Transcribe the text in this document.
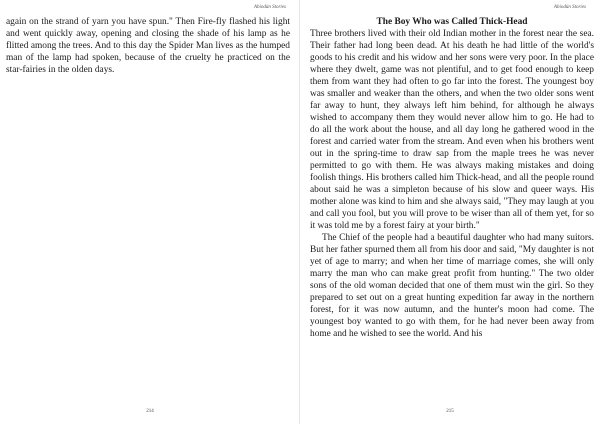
Abiodún Stories

again on the strand of yarn you have spun." Then Fire-fly flashed his light and went quickly away, opening and closing the shade of his lamp as he flitted among the trees. And to this day the Spider Man lives as the humped man of the lamp had spoken, because of the cruelty he practiced on the star-fairies in the olden days.

214
Abiodún Stories
The Boy Who was Called Thick-Head

Three brothers lived with their old Indian mother in the forest near the sea. Their father had long been dead. At his death he had little of the world's goods to his credit and his widow and her sons were very poor. In the place where they dwelt, game was not plentiful, and to get food enough to keep them from want they had often to go far into the forest. The youngest boy was smaller and weaker than the others, and when the two older sons went far away to hunt, they always left him behind, for although he always wished to accompany them they would never allow him to go. He had to do all the work about the house, and all day long he gathered wood in the forest and carried water from the stream. And even when his brothers went out in the spring-time to draw sap from the maple trees he was never permitted to go with them. He was always making mistakes and doing foolish things. His brothers called him Thick-head, and all the people round about said he was a simpleton because of his slow and queer ways. His mother alone was kind to him and she always said, "They may laugh at you and call you fool, but you will prove to be wiser than all of them yet, for so it was told me by a forest fairy at your birth."

The Chief of the people had a beautiful daughter who had many suitors. But her father spurned them all from his door and said, "My daughter is not yet of age to marry; and when her time of marriage comes, she will only marry the man who can make great profit from hunting." The two older sons of the old woman decided that one of them must win the girl. So they prepared to set out on a great hunting expedition far away in the northern forest, for it was now autumn, and the hunter's moon had come. The youngest boy wanted to go with them, for he had never been away from home and he wished to see the world. And his

215
